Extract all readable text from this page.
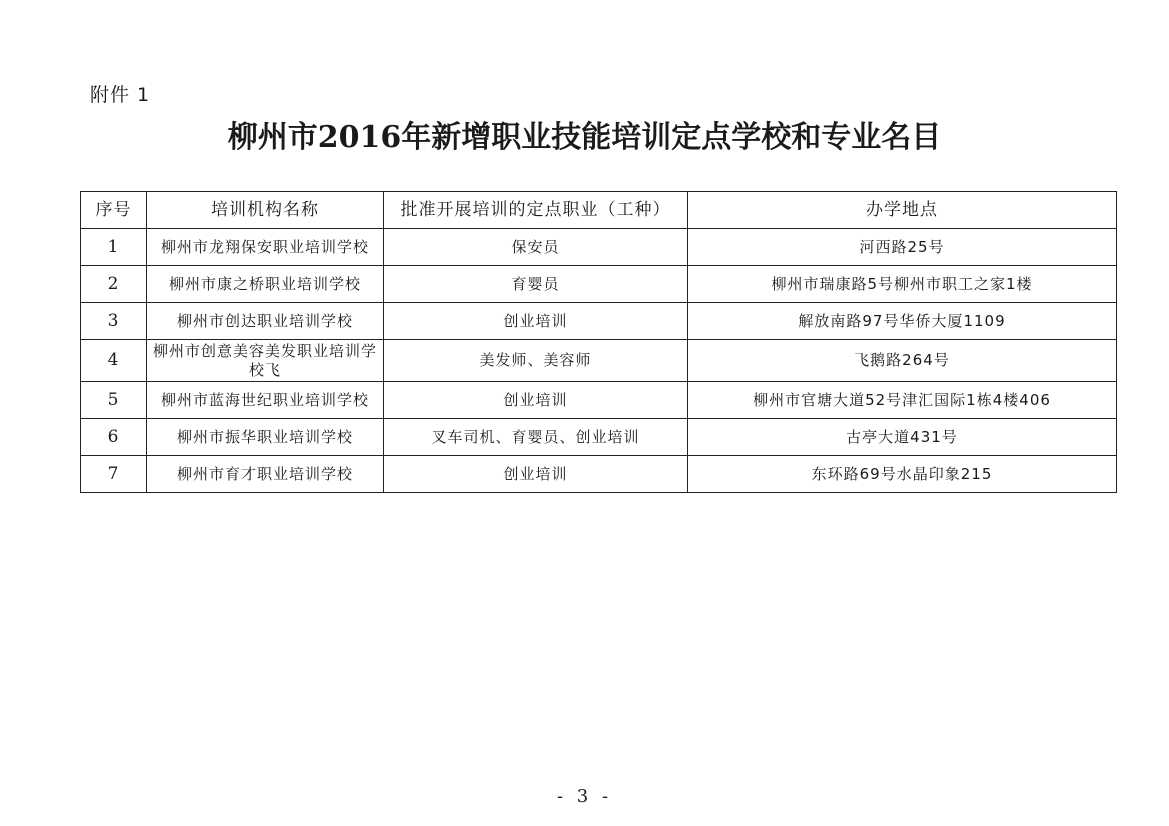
附件 1
柳州市2016年新增职业技能培训定点学校和专业名目
序号	培训机构名称	批准开展培训的定点职业（工种）	办学地点
1	柳州市龙翔保安职业培训学校	保安员	河西路25号
2	柳州市康之桥职业培训学校	育婴员	柳州市瑞康路5号柳州市职工之家1楼
3	柳州市创达职业培训学校	创业培训	解放南路97号华侨大厦1109
4	柳州市创意美容美发职业培训学校飞	美发师、美容师	飞鹅路264号
5	柳州市蓝海世纪职业培训学校	创业培训	柳州市官塘大道52号津汇国际1栋4楼406
6	柳州市振华职业培训学校	叉车司机、育婴员、创业培训	古亭大道431号
7	柳州市育才职业培训学校	创业培训	东环路69号水晶印象215
- 3 -
